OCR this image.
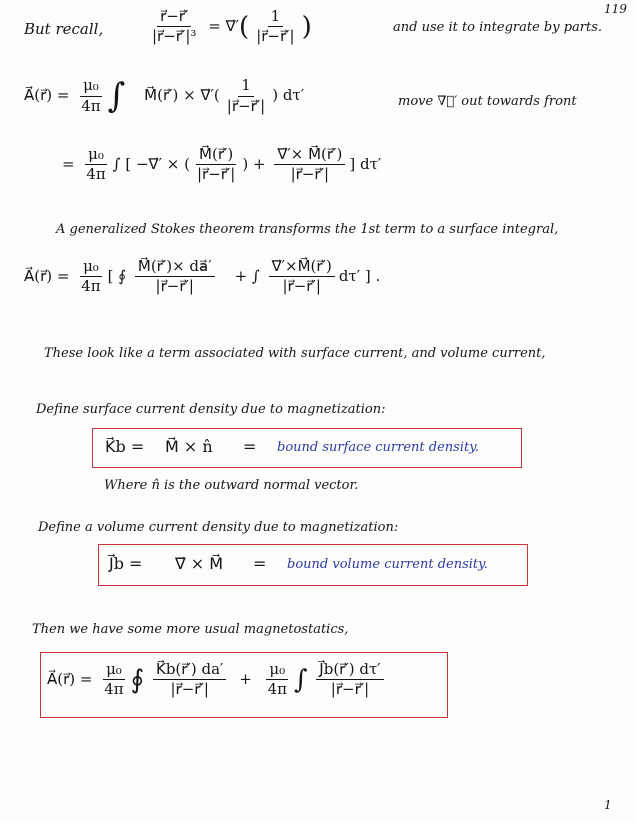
119
But recall,	$\frac{r⃗-r⃗'}{\text{|r⃗−r⃗′|³}}$ = ∇⃗′( $\frac{1}{|r⃗-r⃗'|}$ )	and use it to integrate by parts.
A⃗(r⃗) = $\frac{\text{μ₀}}{4\pi}$ ∫ M⃗(r⃗′) × ∇⃗′( $\frac{1}{|r⃗-r⃗'|}$ ) dτ′	move ∇⃗′ out towards front
= $\frac{\text{μ₀}}{4\pi}$ ∫ [ −∇⃗′ × ( $\frac{M⃗(r⃗')}{|r⃗-r⃗'|}$ ) + $\frac{\nabla⃗'\times M⃗(r⃗')}{|r⃗-r⃗'|}$ ] dτ′
A generalized Stokes theorem transforms the 1st term to a surface integral,
A⃗(r⃗) = $\frac{\text{μ₀}}{4\pi}$ [ ∮ $\frac{M⃗(r⃗')\times da⃗'}{|r⃗-r⃗'|}$ + ∫ $\frac{\nabla⃗'\times M⃗(r⃗')}{|r⃗-r⃗'|} d\tau'$ ] .
These look like a term associated with surface current, and volume current,
Define surface current density due to magnetization:
K⃗b = M⃗ × n̂ = bound surface current density.
Where n̂ is the outward normal vector.
Define a volume current density due to magnetization:
J⃗b = ∇⃗ × M⃗ = bound volume current density.
Then we have some more usual magnetostatics,
A⃗(r⃗) = $\frac{\text{μ₀}}{4\pi}$ ∮ $\frac{K⃗b(r⃗') da'}{|r⃗-r⃗'|} + \frac{\text{μ₀}}{4\pi}$ ∫ $\frac{J⃗b(r⃗') d\tau'}{|r⃗-r⃗'|}$
1
